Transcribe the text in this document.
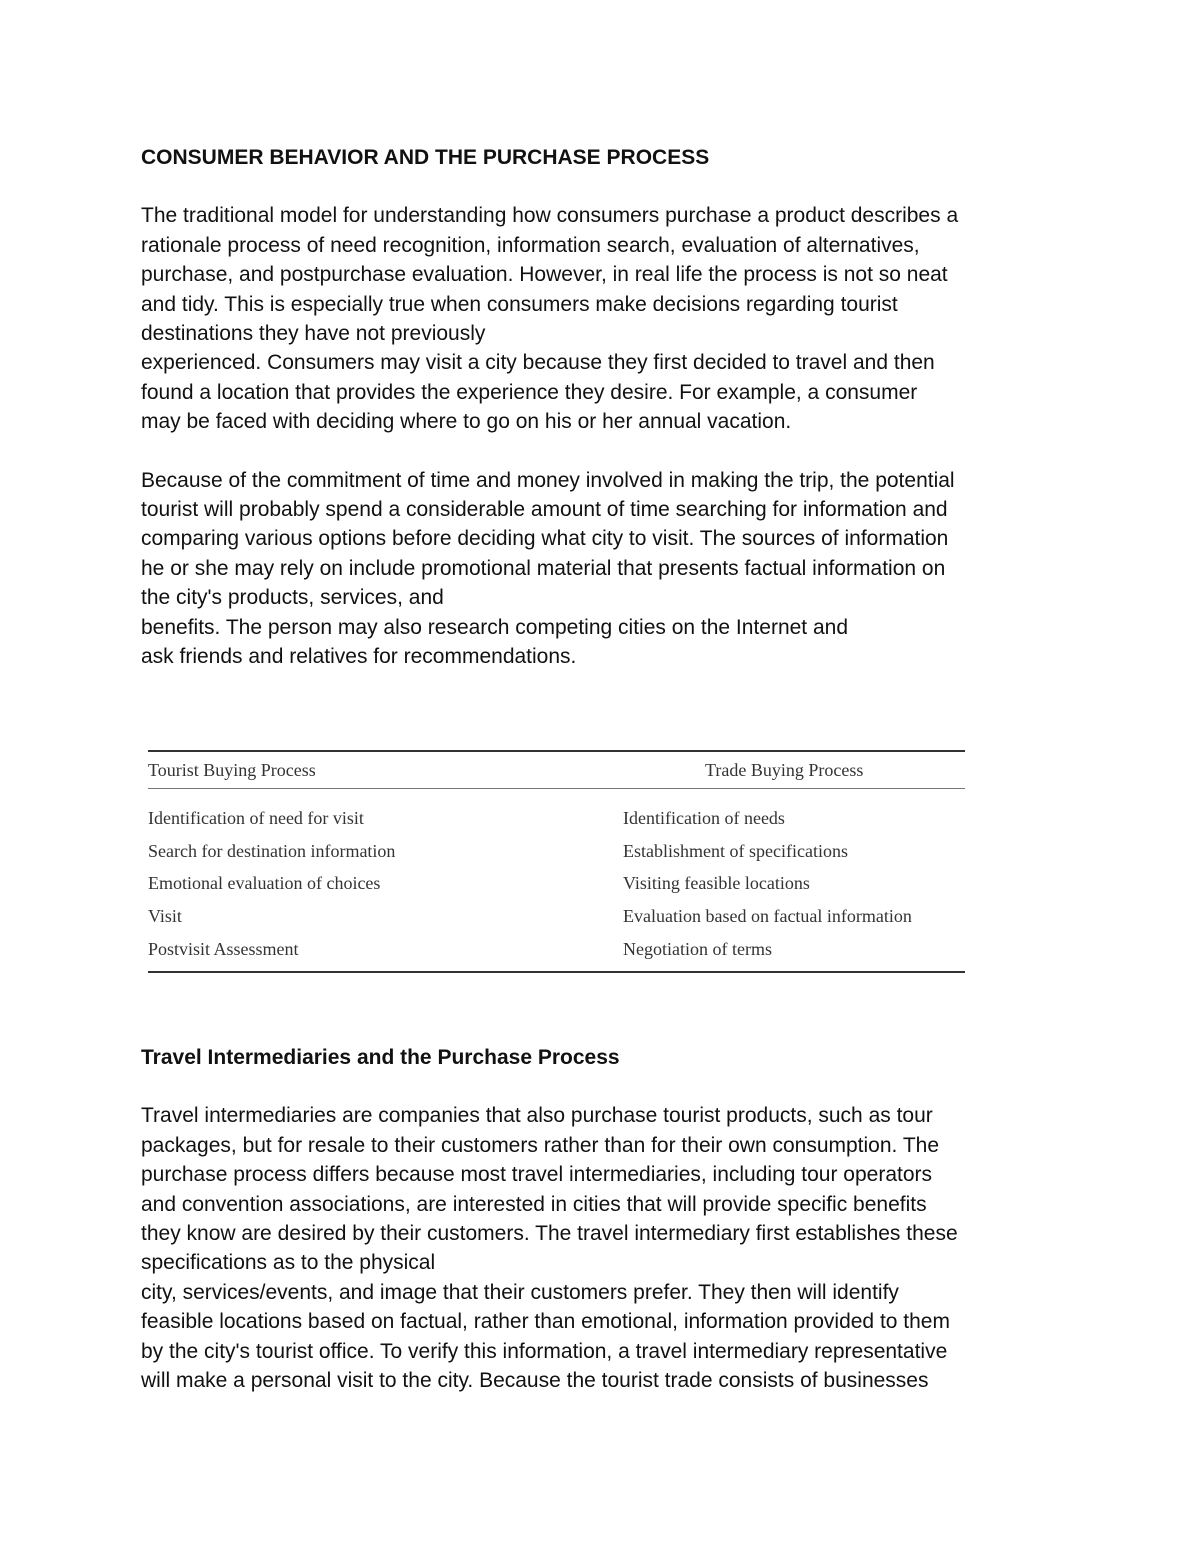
CONSUMER BEHAVIOR AND THE PURCHASE PROCESS

The traditional model for understanding how consumers purchase a product describes a
rationale process of need recognition, information search, evaluation of alternatives,
purchase, and postpurchase evaluation. However, in real life the process is not so neat
and tidy. This is especially true when consumers make decisions regarding tourist
destinations they have not previously
experienced. Consumers may visit a city because they first decided to travel and then
found a location that provides the experience they desire. For example, a consumer
may be faced with deciding where to go on his or her annual vacation.

Because of the commitment of time and money involved in making the trip, the potential
tourist will probably spend a considerable amount of time searching for information and
comparing various options before deciding what city to visit. The sources of information
he or she may rely on include promotional material that presents factual information on
the city's products, services, and
benefits. The person may also research competing cities on the Internet and
ask friends and relatives for recommendations.

Tourist Buying Process	Trade Buying Process
Identification of need for visit	Identification of needs
Search for destination information	Establishment of specifications
Emotional evaluation of choices	Visiting feasible locations
Visit	Evaluation based on factual information
Postvisit Assessment	Negotiation of terms

Travel Intermediaries and the Purchase Process

Travel intermediaries are companies that also purchase tourist products, such as tour
packages, but for resale to their customers rather than for their own consumption. The
purchase process differs because most travel intermediaries, including tour operators
and convention associations, are interested in cities that will provide specific benefits
they know are desired by their customers. The travel intermediary first establishes these
specifications as to the physical
city, services/events, and image that their customers prefer. They then will identify
feasible locations based on factual, rather than emotional, information provided to them
by the city's tourist office. To verify this information, a travel intermediary representative
will make a personal visit to the city. Because the tourist trade consists of businesses
